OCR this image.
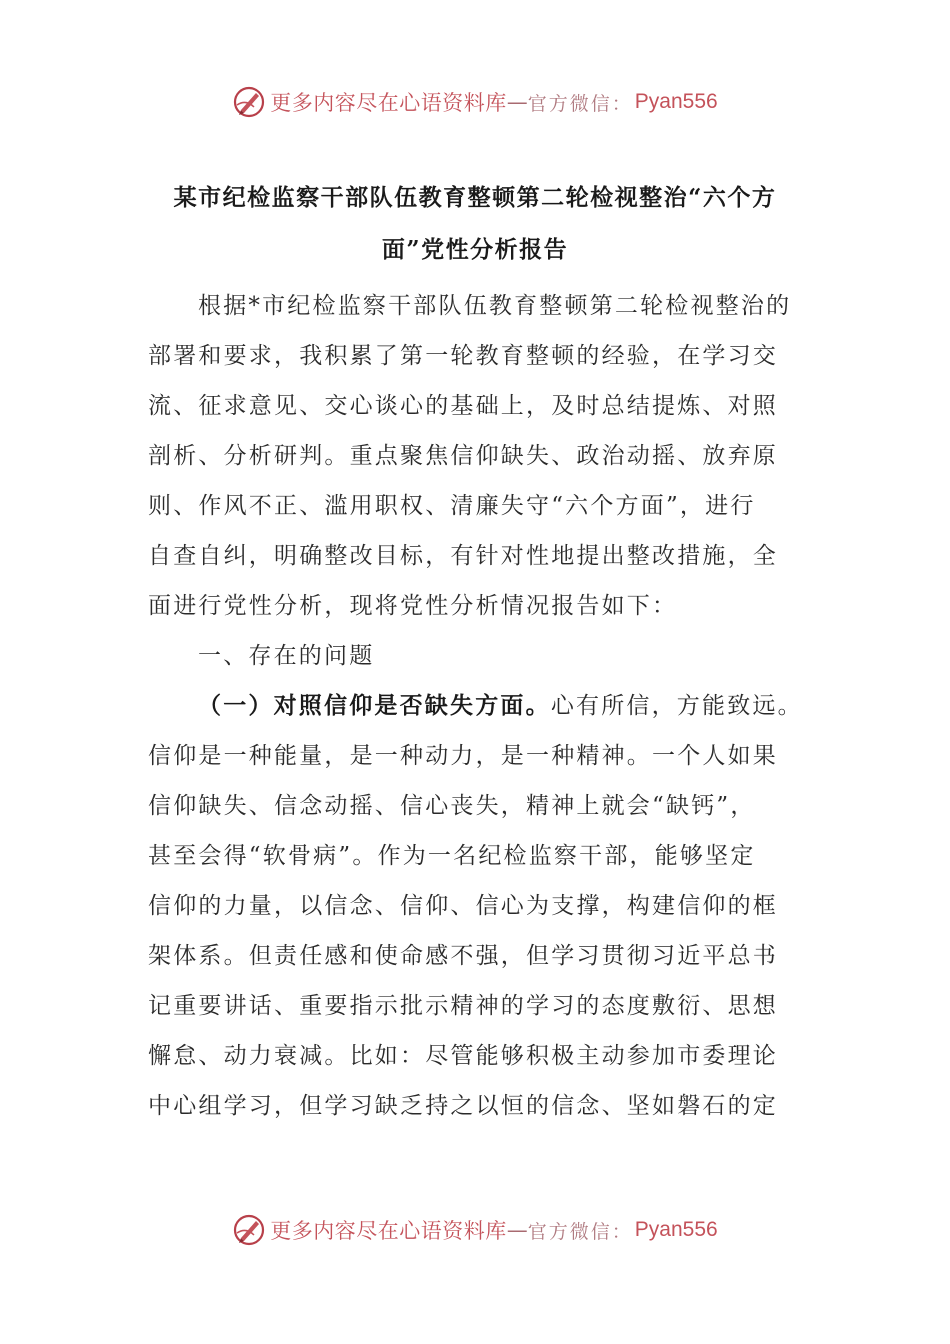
更多内容尽在心语资料库 — 官方微信： Pyan556
某市纪检监察干部队伍教育整顿第二轮检视整治“六个方
面”党性分析报告
根据*市纪检监察干部队伍教育整顿第二轮检视整治的
部署和要求，我积累了第一轮教育整顿的经验，在学习交
流、征求意见、交心谈心的基础上，及时总结提炼、对照
剖析、分析研判。重点聚焦信仰缺失、政治动摇、放弃原
则、作风不正、滥用职权、清廉失守“六个方面”，进行
自查自纠，明确整改目标，有针对性地提出整改措施，全
面进行党性分析，现将党性分析情况报告如下：
一、存在的问题
（一）对照信仰是否缺失方面。心有所信，方能致远。
信仰是一种能量，是一种动力，是一种精神。一个人如果
信仰缺失、信念动摇、信心丧失，精神上就会“缺钙”，
甚至会得“软骨病”。作为一名纪检监察干部，能够坚定
信仰的力量，以信念、信仰、信心为支撑，构建信仰的框
架体系。但责任感和使命感不强，但学习贯彻习近平总书
记重要讲话、重要指示批示精神的学习的态度敷衍、思想
懈怠、动力衰减。比如：尽管能够积极主动参加市委理论
中心组学习，但学习缺乏持之以恒的信念、坚如磐石的定
更多内容尽在心语资料库 — 官方微信： Pyan556
